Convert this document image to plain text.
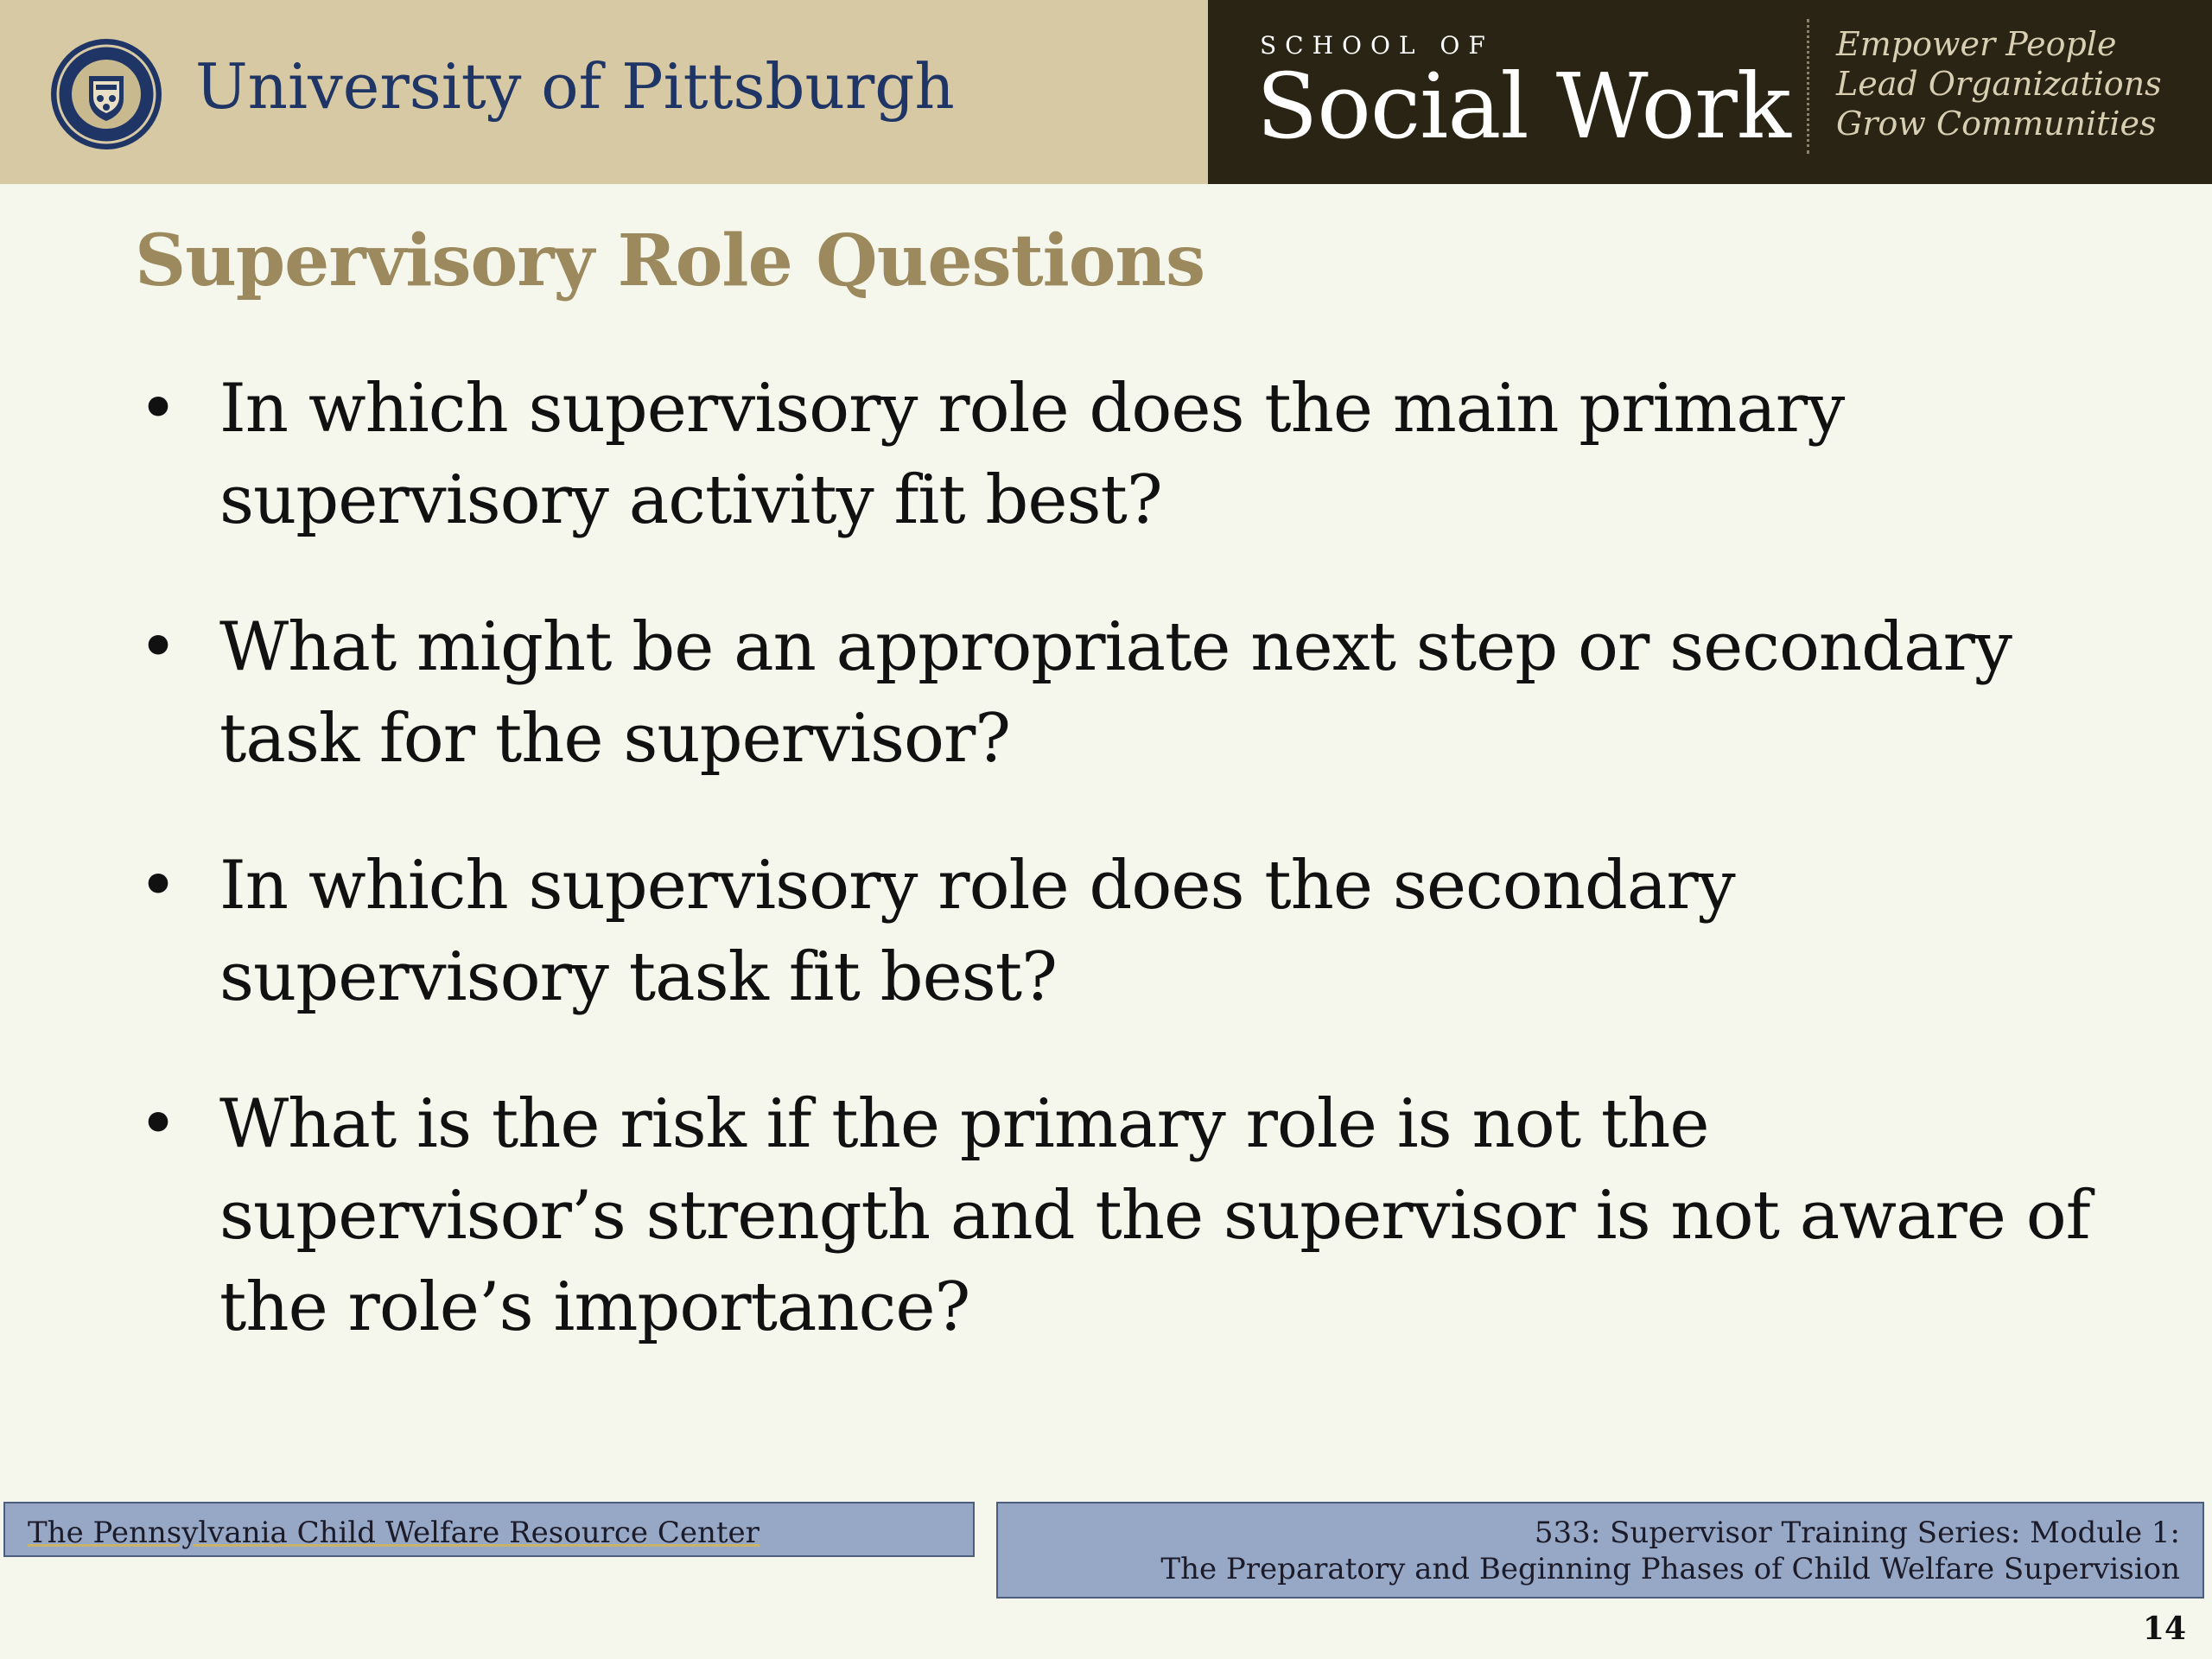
University of Pittsburgh
SCHOOL OF
Social Work
Empower People
Lead Organizations
Grow Communities
Supervisory Role Questions
• In which supervisory role does the main primary supervisory activity fit best?
• What might be an appropriate next step or secondary task for the supervisor?
• In which supervisory role does the secondary supervisory task fit best?
• What is the risk if the primary role is not the supervisor’s strength and the supervisor is not aware of the role’s importance?
The Pennsylvania Child Welfare Resource Center	533: Supervisor Training Series: Module 1:
The Preparatory and Beginning Phases of Child Welfare Supervision
14
